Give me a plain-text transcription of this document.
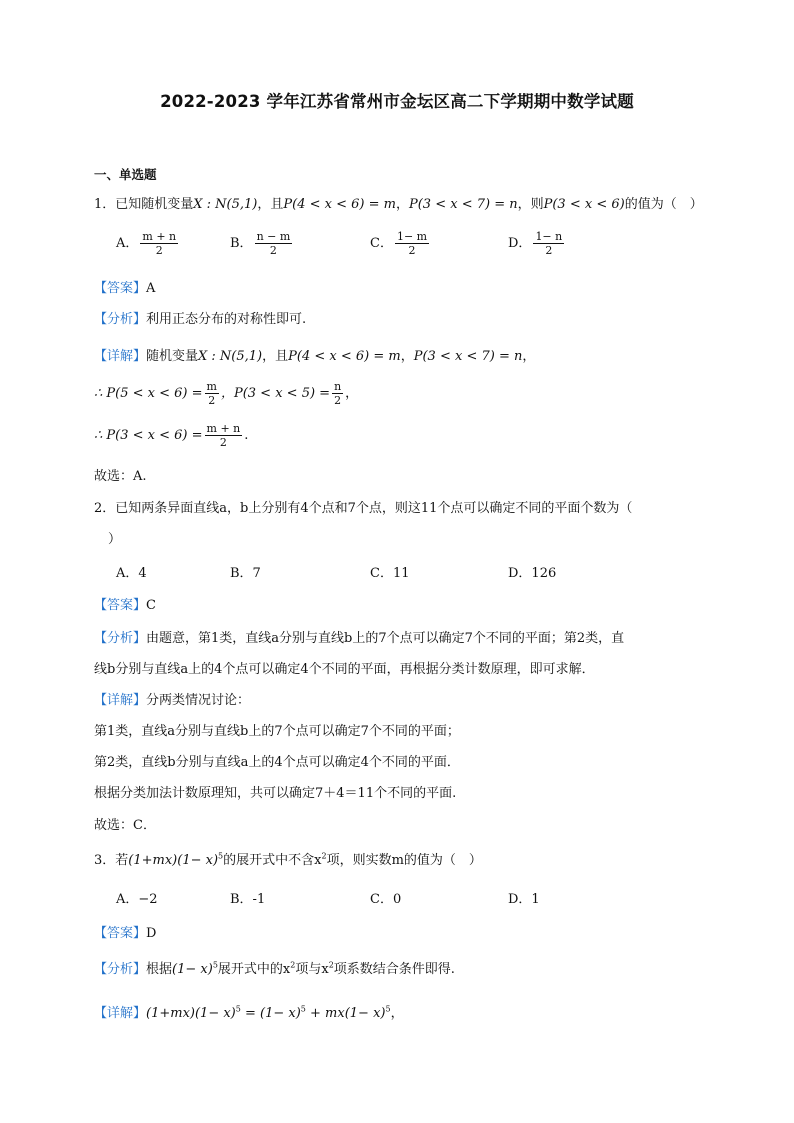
2022-2023 学年江苏省常州市金坛区高二下学期期中数学试题
一、单选题
1．已知随机变量X : N(5,1)，且P(4 < x < 6) = m，P(3 < x < 7) = n，则P(3 < x < 6)的值为（　）
A． $\frac{m + n}{2}$	B． $\frac{n - m}{2}$	C． $\frac{1- m}{2}$	D． $\frac{1- n}{2}$
【答案】A
【分析】利用正态分布的对称性即可.
【详解】随机变量X : N(5,1)，且P(4 < x < 6) = m，P(3 < x < 7) = n，
∴ $P(5 < x < 6) = \frac{m}{2}$ ，$P(3 < x < 5) = \frac{n}{2}$ ，
∴ $P(3 < x < 6) = \frac{m + n}{2}$ .
故选：A.
2．已知两条异面直线a，b上分别有4个点和7个点，则这11个点可以确定不同的平面个数为（
）
A．4	B．7	C．11	D．126
【答案】C
【分析】由题意，第1类，直线a分别与直线b上的7个点可以确定7个不同的平面；第2类，直
线b分别与直线a上的4个点可以确定4个不同的平面，再根据分类计数原理，即可求解．
【详解】分两类情况讨论：
第1类，直线a分别与直线b上的7个点可以确定7个不同的平面；
第2类，直线b分别与直线a上的4个点可以确定4个不同的平面．
根据分类加法计数原理知，共可以确定7＋4＝11个不同的平面.
故选：C．
3．若$(1+mx)(1- x)^5$的展开式中不含$x^2$项，则实数m的值为（　）
A．−2	B．-1	C．0	D．1
【答案】D
【分析】根据$(1- x)^5$展开式中的$x^2$项与$x^2$项系数结合条件即得.
【详解】$(1+mx)(1- x)^5 = (1- x)^5 + mx(1- x)^5$，
